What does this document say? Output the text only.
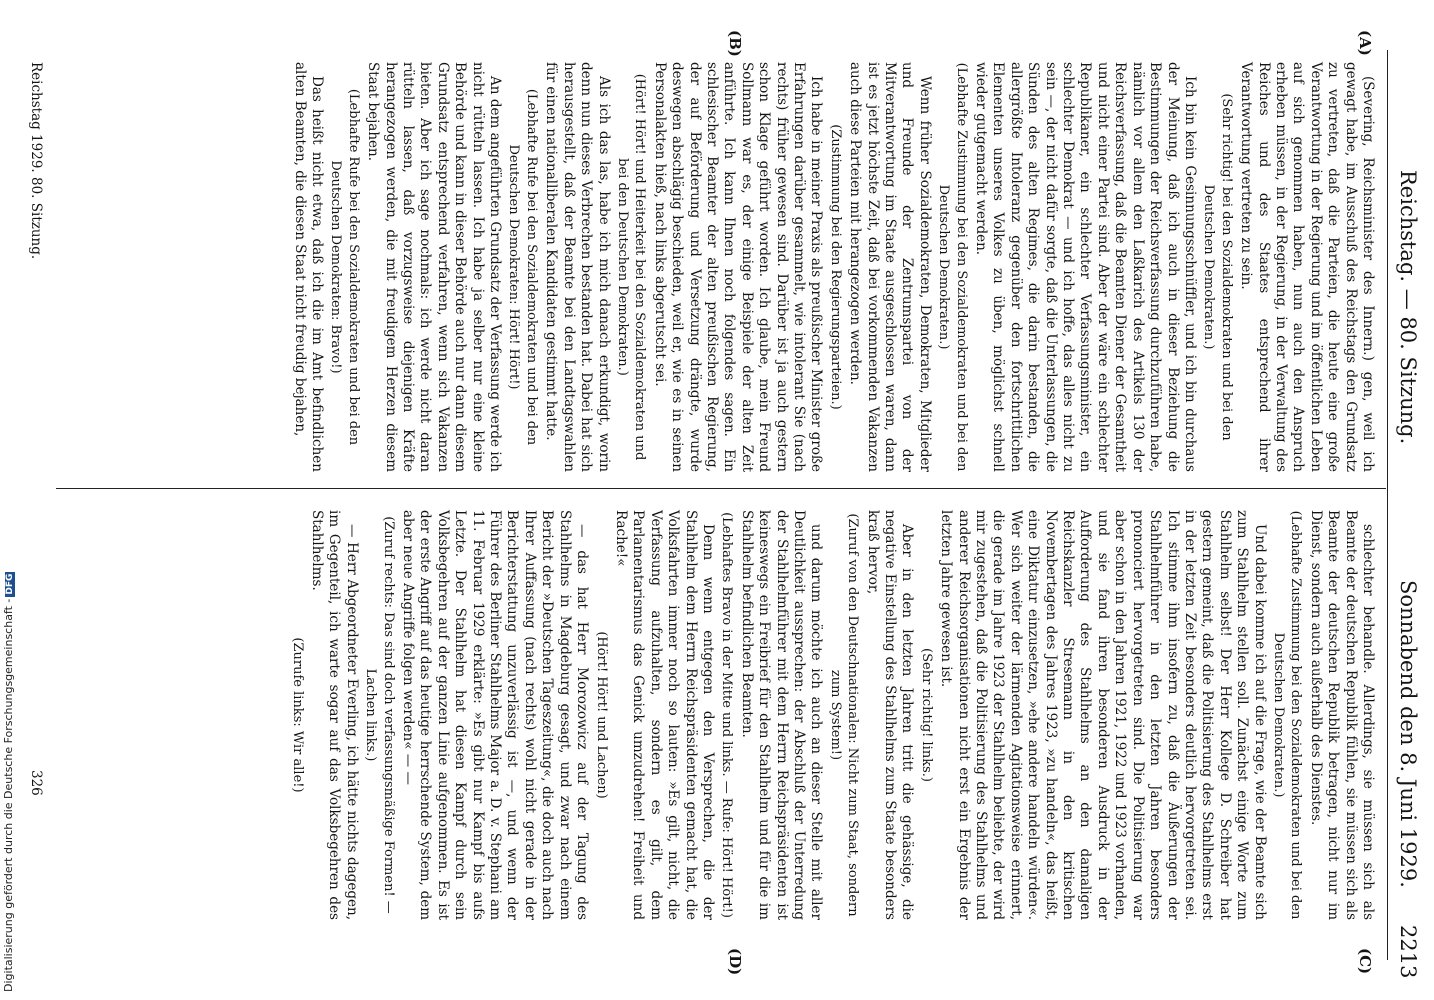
Reichstag. — 80. Sitzung.
Sonnabend den 8. Juni 1929.
2213
(A)
(B)
(C)
(D)

(Severing, Reichsminister des Innern.) gen, weil ich gewagt habe, im Ausschuß des Reichstags den Grundsatz zu vertreten, daß die Parteien, die heute eine große Verantwortung in der Regierung und im öffentlichen Leben auf sich genommen haben, nun auch den Anspruch erheben müssen, in der Regierung, in der Verwaltung des Reiches und des Staates entsprechend ihrer Verantwortung vertreten zu sein.

(Sehr richtig! bei den Sozialdemokraten und bei den Deutschen Demokraten.)

Ich bin kein Gesinnungsschnüffler, und ich bin durchaus der Meinung, daß ich auch in dieser Beziehung die Bestimmungen der Reichsverfassung durchzuführen habe, nämlich vor allem den Laßkarich des Artikels 130 der Reichsverfassung, daß die Beamten Diener der Gesamtheit und nicht einer Partei sind. Aber der wäre ein schlechter Republikaner, ein schlechter Verfassungsminister, ein schlechter Demokrat — und ich hoffe, das alles nicht zu sein —, der nicht dafür sorgte, daß die Unterlassungen, die Sünden des alten Regimes, die darin bestanden, die allergrößte Intoleranz gegenüber den fortschrittlichen Elementen unseres Volkes zu üben, möglichst schnell wieder gutgemacht werden.

(Lebhafte Zustimmung bei den Sozialdemokraten und bei den Deutschen Demokraten.)

Wenn früher Sozialdemokraten, Demokraten, Mitglieder und Freunde der Zentrumspartei von der Mitverantwortung im Staate ausgeschlossen waren, dann ist es jetzt höchste Zeit, daß bei vorkommenden Vakanzen auch diese Parteien mit herangezogen werden.

(Zustimmung bei den Regierungsparteien.)

Ich habe in meiner Praxis als preußischer Minister große Erfahrungen darüber gesammelt, wie intolerant Sie (nach rechts) früher gewesen sind. Darüber ist ja auch gestern schon Klage geführt worden. Ich glaube, mein Freund Sollmann war es, der einige Beispiele der alten Zeit anführte. Ich kann Ihnen noch folgendes sagen. Ein schlesischer Beamter der alten preußischen Regierung, der auf Beförderung und Versetzung drängte, wurde deswegen abschlägig beschieden, weil er, wie es in seinen Personalakten hieß, nach links abgerutscht sei.

(Hört! Hört! und Heiterkeit bei den Sozialdemokraten und bei den Deutschen Demokraten.)

Als ich das las, habe ich mich danach erkundigt, worin denn nun dieses Verbrechen bestanden hat. Dabei hat sich herausgestellt, daß der Beamte bei den Landtagswahlen für einen nationalliberalen Kandidaten gestimmt hatte.

(Lebhafte Rufe bei den Sozialdemokraten und bei den Deutschen Demokraten: Hört! Hört!)

An dem angeführten Grundsatz der Verfassung werde ich nicht rütteln lassen. Ich habe ja selber nur eine kleine Behörde und kann in dieser Behörde auch nur dann diesem Grundsatz entsprechend verfahren, wenn sich Vakanzen bieten. Aber ich sage nochmals: ich werde nicht daran rütteln lassen, daß vorzugsweise diejenigen Kräfte herangezogen werden, die mit freudigem Herzen diesem Staat bejahen.

(Lebhafte Rufe bei den Sozialdemokraten und bei den Deutschen Demokraten: Bravo!)

Das heißt nicht etwa, daß ich die im Amt befindlichen alten Beamten, die diesen Staat nicht freudig bejahen,

schlechter behandle. Allerdings, sie müssen sich als Beamte der deutschen Republik fühlen, sie müssen sich als Beamte der deutschen Republik betragen, nicht nur im Dienst, sondern auch außerhalb des Dienstes.

(Lebhafte Zustimmung bei den Sozialdemokraten und bei den Deutschen Demokraten.)

Und dabei komme ich auf die Frage, wie der Beamte sich zum Stahlhelm stellen soll. Zunächst einige Worte zum Stahlhelm selbst! Der Herr Kollege D. Schreiber hat gestern gemeint, daß die Politisierung des Stahlhelms erst in der letzten Zeit besonders deutlich hervorgetreten sei. Ich stimme ihm insofern zu, daß die Äußerungen der Stahlhelmführer in den letzten Jahren besonders prononciert hervorgetreten sind. Die Politisierung war aber schon in den Jahren 1921, 1922 und 1923 vorhanden, und sie fand ihren besonderen Ausdruck in der Aufforderung des Stahlhelms an den damaligen Reichskanzler Stresemann in den kritischen Novembertagen des Jahres 1923, »zu handeln«, das heißt, eine Diktatur einzusetzen, »ehe andere handeln würden«. Wer sich weiter der lärmenden Agitationsweise erinnert, die gerade im Jahre 1923 der Stahlhelm beliebte, der wird mir zugestehen, daß die Politisierung des Stahlhelms und anderer Reichsorganisationen nicht erst ein Ergebnis der letzten Jahre gewesen ist.

(Sehr richtig! links.)

Aber in den letzten Jahren tritt die gehässige, die negative Einstellung des Stahlhelms zum Staate besonders kraß hervor,

(Zuruf von den Deutschnationalen: Nicht zum Staat, sondern zum System!)

und darum möchte ich auch an dieser Stelle mit aller Deutlichkeit aussprechen: der Abschluß der Unterredung der Stahlhelmführer mit dem Herrn Reichspräsidenten ist keineswegs ein Freibrief für den Stahlhelm und für die im Stahlhelm befindlichen Beamten.

(Lebhaftes Bravo in der Mitte und links. — Rufe: Hört! Hört!)

Denn wenn entgegen den Versprechen, die der Stahlhelm dem Herrn Reichspräsidenten gemacht hat, die Volksfahrten immer noch so lauten: »Es gilt, nicht, die Verfassung aufzuhalten, sondern es gilt, dem Parlamentarismus das Genick umzudrehen! Freiheit und Rache!«

(Hört! Hört! und Lachen)

— das hat Herr Morozowicz auf der Tagung des Stahlhelms in Magdeburg gesagt, und zwar nach einem Bericht der »Deutschen Tageszeitung«, die doch auch nach Ihrer Auffassung (nach rechts) wohl nicht gerade in der Berichterstattung unzuverlässig ist —, und wenn der Führer des Berliner Stahlhelms Major a. D. v. Stephani am 11. Februar 1929 erklärte: »Es gibt nur Kampf bis aufs Letzte. Der Stahlhelm hat diesen Kampf durch sein Volksbegehren auf der ganzen Linie aufgenommen. Es ist der erste Angriff auf das heutige herrschende System, dem aber neue Angriffe folgen werden« — —

(Zuruf rechts: Das sind doch verfassungsmäßige Formen! — Lachen links.)

— Herr Abgeordneter Everling, ich hätte nichts dagegen, im Gegenteil, ich warte sogar auf das Volksbegehren des Stahlhelms.

(Zurufe links: Wir alle!)

Reichstag 1929. 80. Sitzung.
326
Digitalisierung gefördert durch die Deutsche Forschungsgemeinschaft -DFG
